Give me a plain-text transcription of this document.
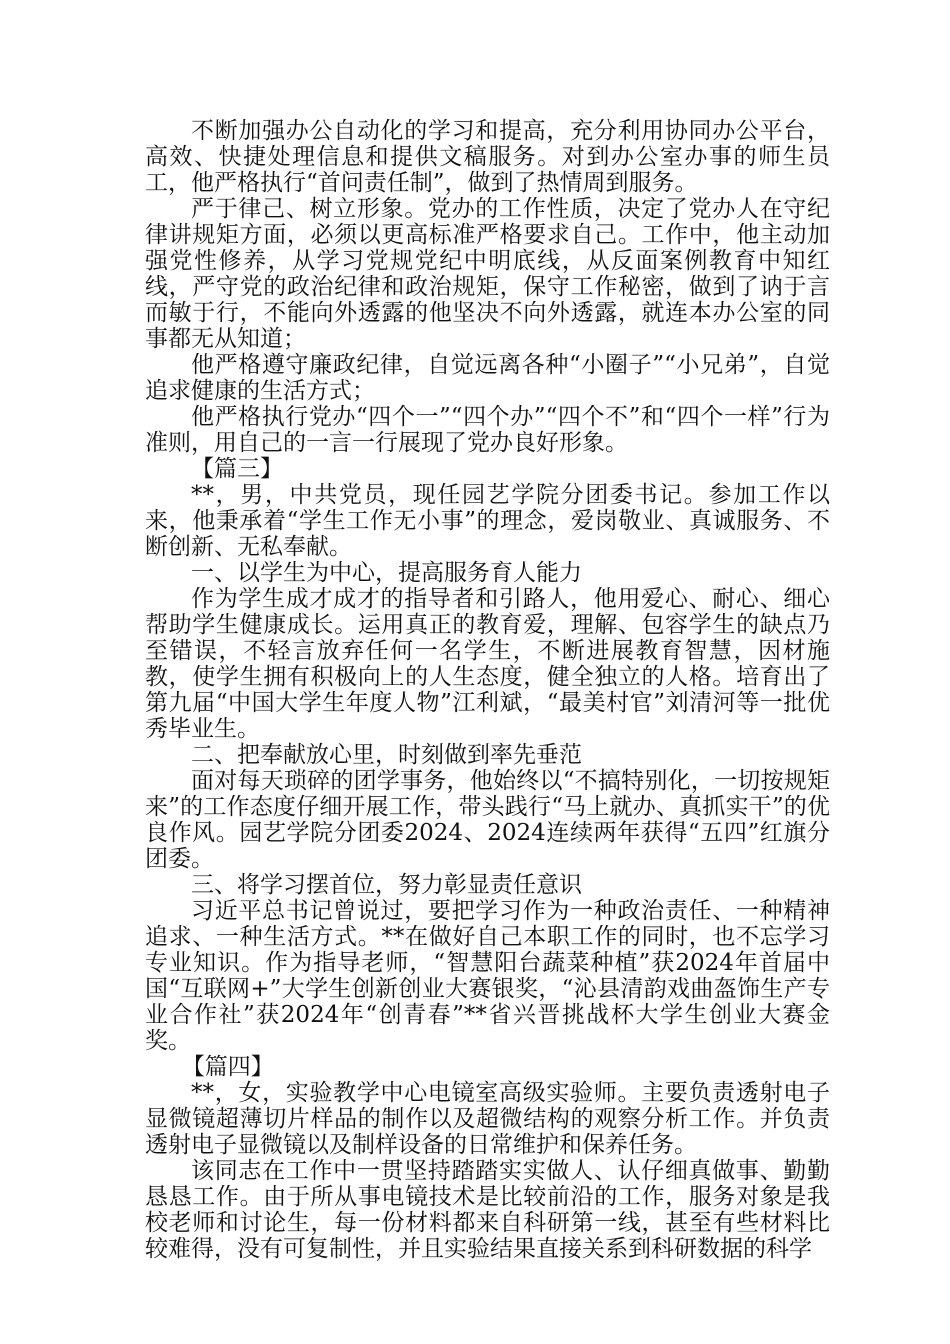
不断加强办公自动化的学习和提高，充分利用协同办公平台，高效、快捷处理信息和提供文稿服务。对到办公室办事的师生员工，他严格执行“首问责任制”，做到了热情周到服务。

严于律己、树立形象。党办的工作性质，决定了党办人在守纪律讲规矩方面，必须以更高标准严格要求自己。工作中，他主动加强党性修养，从学习党规党纪中明底线，从反面案例教育中知红线，严守党的政治纪律和政治规矩，保守工作秘密，做到了讷于言而敏于行，不能向外透露的他坚决不向外透露，就连本办公室的同事都无从知道；

他严格遵守廉政纪律，自觉远离各种“小圈子”“小兄弟”，自觉追求健康的生活方式；

他严格执行党办“四个一”“四个办”“四个不”和“四个一样”行为准则，用自己的一言一行展现了党办良好形象。

【篇三】

**，男，中共党员，现任园艺学院分团委书记。参加工作以来，他秉承着“学生工作无小事”的理念，爱岗敬业、真诚服务、不断创新、无私奉献。

一、以学生为中心，提高服务育人能力

作为学生成才成才的指导者和引路人，他用爱心、耐心、细心帮助学生健康成长。运用真正的教育爱，理解、包容学生的缺点乃至错误，不轻言放弃任何一名学生，不断进展教育智慧，因材施教，使学生拥有积极向上的人生态度，健全独立的人格。培育出了第九届“中国大学生年度人物”江利斌，“最美村官”刘清河等一批优秀毕业生。

二、把奉献放心里，时刻做到率先垂范

面对每天琐碎的团学事务，他始终以“不搞特别化，一切按规矩来”的工作态度仔细开展工作，带头践行“马上就办、真抓实干”的优良作风。园艺学院分团委2024、2024连续两年获得“五四”红旗分团委。

三、将学习摆首位，努力彰显责任意识

习近平总书记曾说过，要把学习作为一种政治责任、一种精神追求、一种生活方式。**在做好自己本职工作的同时，也不忘学习专业知识。作为指导老师，“智慧阳台蔬菜种植”获2024年首届中国“互联网+”大学生创新创业大赛银奖，“沁县清韵戏曲盔饰生产专业合作社”获2024年“创青春”**省兴晋挑战杯大学生创业大赛金奖。

【篇四】

**，女，实验教学中心电镜室高级实验师。主要负责透射电子显微镜超薄切片样品的制作以及超微结构的观察分析工作。并负责透射电子显微镜以及制样设备的日常维护和保养任务。

该同志在工作中一贯坚持踏踏实实做人、认仔细真做事、勤勤恳恳工作。由于所从事电镜技术是比较前沿的工作，服务对象是我校老师和讨论生，每一份材料都来自科研第一线，甚至有些材料比较难得，没有可复制性，并且实验结果直接关系到科研数据的科学
